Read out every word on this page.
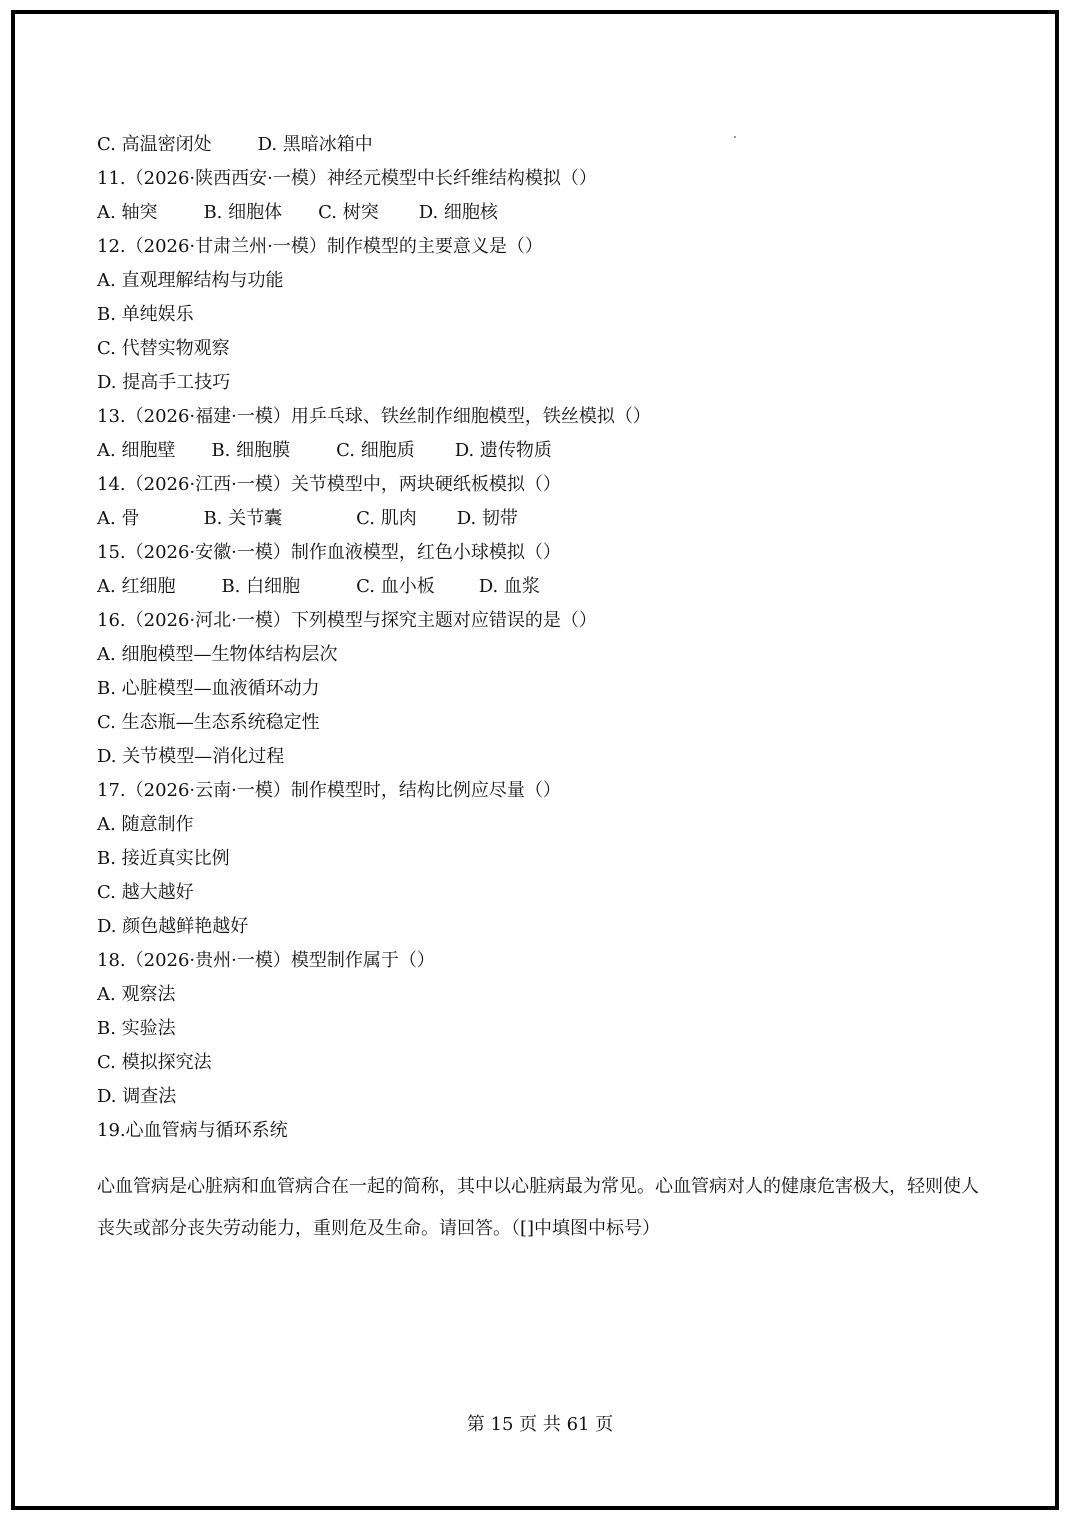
C. 高温密闭处	D. 黑暗冰箱中
11.（2026·陕西西安·一模）神经元模型中长纤维结构模拟（）
A. 轴突	B. 细胞体 C. 树突 D. 细胞核
12.（2026·甘肃兰州·一模）制作模型的主要意义是（）
A. 直观理解结构与功能
B. 单纯娱乐
C. 代替实物观察
D. 提高手工技巧
13.（2026·福建·一模）用乒乓球、铁丝制作细胞模型，铁丝模拟（）
A. 细胞壁 B. 细胞膜	C. 细胞质 D. 遗传物质
14.（2026·江西·一模）关节模型中，两块硬纸板模拟（）
A. 骨	B. 关节囊	C. 肌肉 D. 韧带
15.（2026·安徽·一模）制作血液模型，红色小球模拟（）
A. 红细胞	B. 白细胞	C. 血小板 D. 血浆
16.（2026·河北·一模）下列模型与探究主题对应错误的是（）
A. 细胞模型—生物体结构层次
B. 心脏模型—血液循环动力
C. 生态瓶—生态系统稳定性
D. 关节模型—消化过程
17.（2026·云南·一模）制作模型时，结构比例应尽量（）
A. 随意制作
B. 接近真实比例
C. 越大越好
D. 颜色越鲜艳越好
18.（2026·贵州·一模）模型制作属于（）
A. 观察法
B. 实验法
C. 模拟探究法
D. 调查法
19.心血管病与循环系统
心血管病是心脏病和血管病合在一起的简称，其中以心脏病最为常见。心血管病对人的健康危害极大，轻则使人丧失或部分丧失劳动能力，重则危及生命。请回答。（[]中填图中标号）
第 15 页 共 61 页
